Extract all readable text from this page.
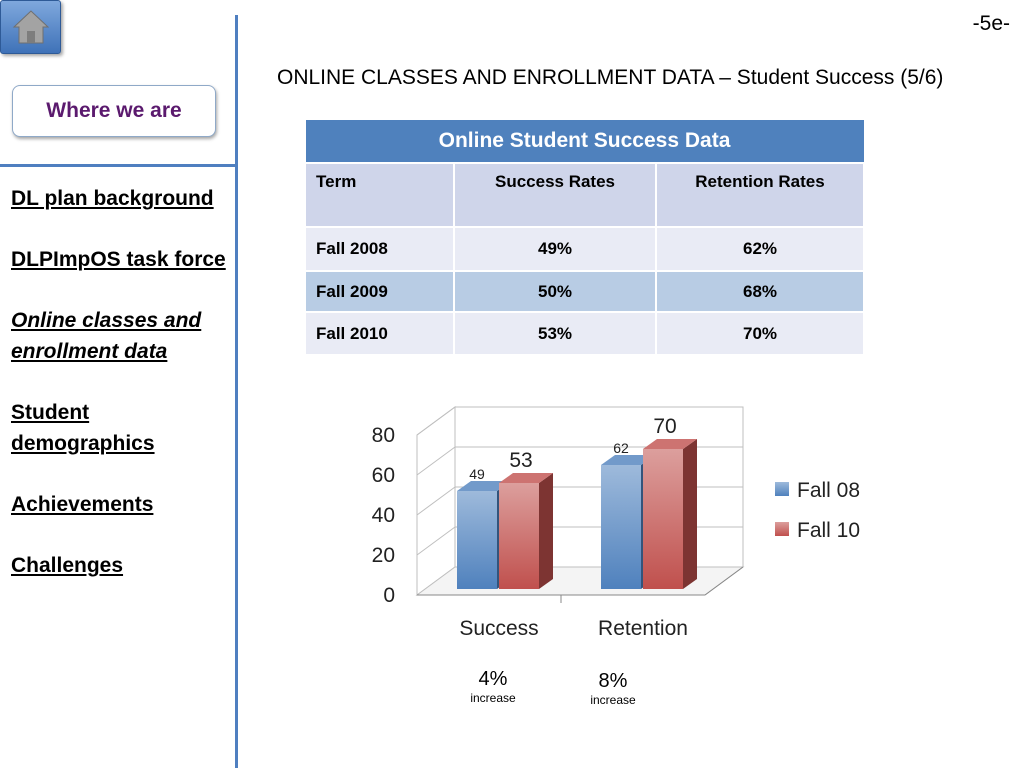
Where we are
DL plan background
DLPImpOS task force
Online classes and enrollment data
Student demographics
Achievements
Challenges
-5e-
ONLINE CLASSES AND ENROLLMENT DATA – Student Success (5/6)
Online Student Success Data		
Term	Success Rates	Retention Rates
Fall 2008	49%	62%
Fall 2009	50%	68%
Fall 2010	53%	70%
0
20
40
60
80
49
53
Success
62
70
Retention
Fall 08
Fall 10
4%
increase
8%
increase
